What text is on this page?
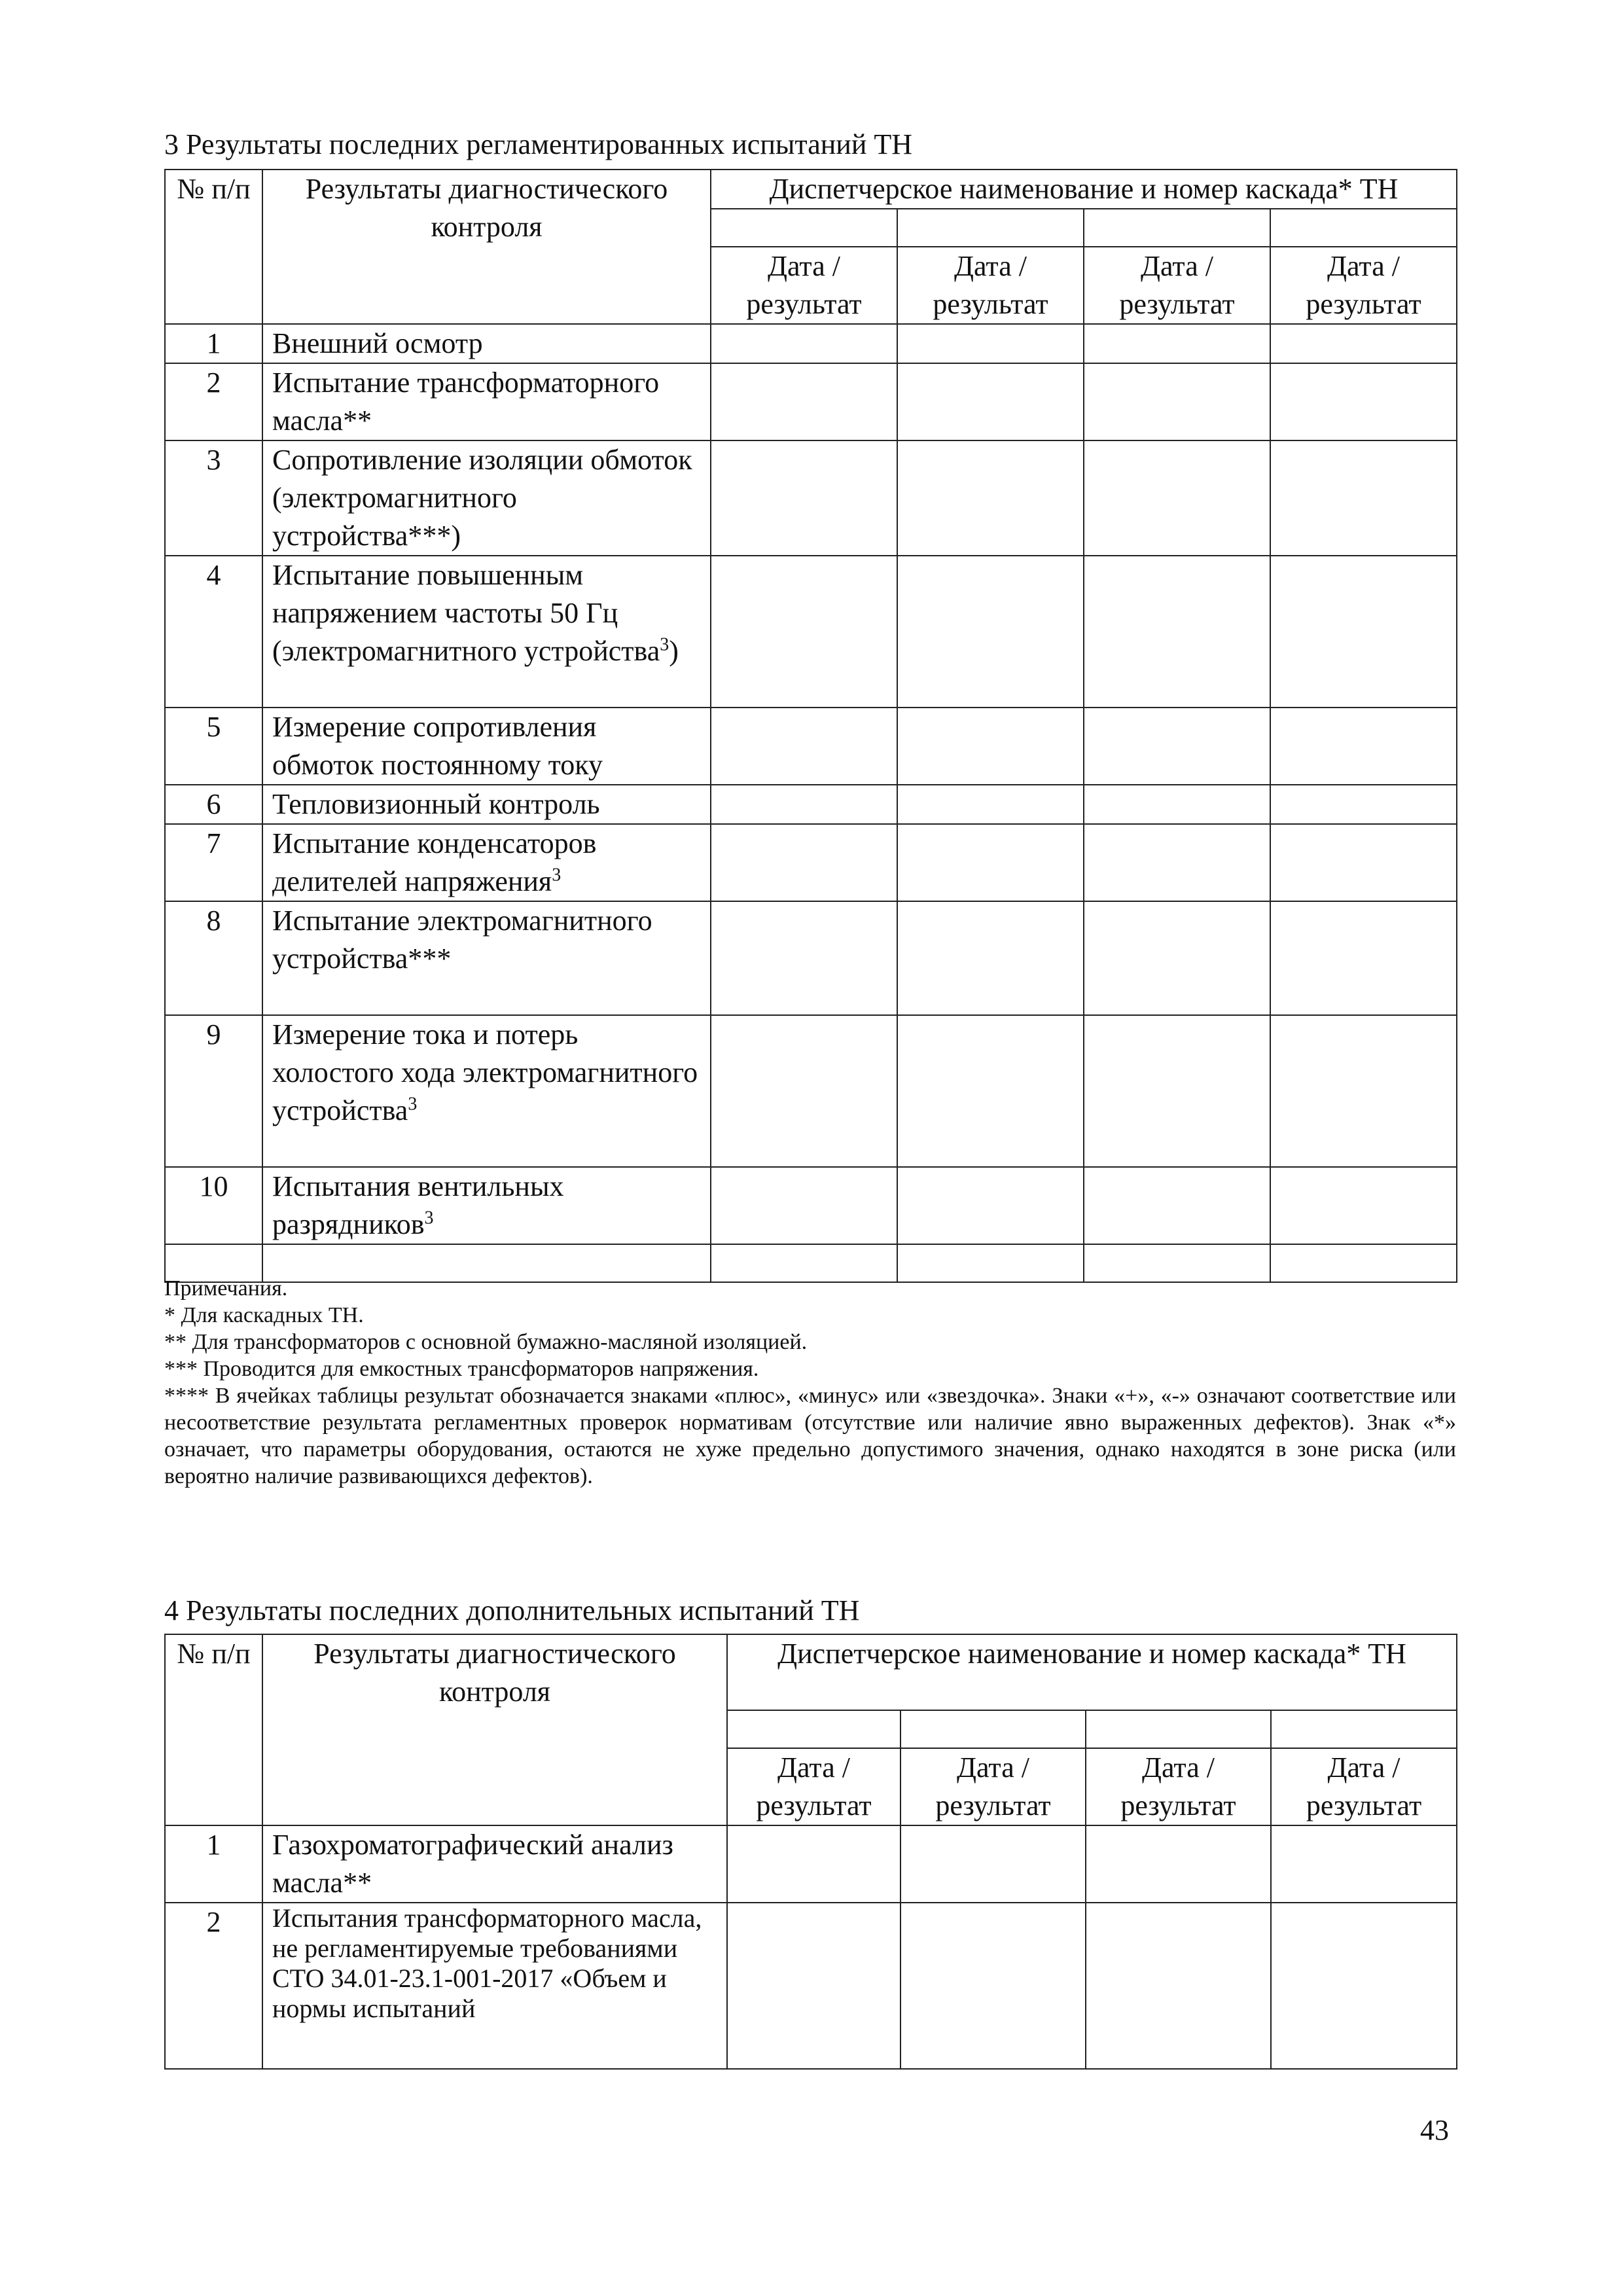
3 Результаты последних регламентированных испытаний ТН
№ п/п	Результаты диагностического контроля	Диспетчерское наименование и номер каскада* ТН			

		Дата / результат	Дата / результат	Дата / результат	Дата / результат
1	Внешний осмотр				
2	Испытание трансформаторного масла**				
3	Сопротивление изоляции обмоток (электромагнитного устройства***)				
4	Испытание повышенным напряжением частоты 50 Гц (электромагнитного устройства$^3$)				
5	Измерение сопротивления обмоток постоянному току				
6	Тепловизионный контроль				
7	Испытание конденсаторов делителей напряжения$^3$				
8	Испытание электромагнитного устройства***				
9	Измерение тока и потерь холостого хода электромагнитного устройства$^3$				
10	Испытания вентильных разрядников$^3$				

Примечания.

* Для каскадных ТН.

** Для трансформаторов с основной бумажно-масляной изоляцией.

*** Проводится для емкостных трансформаторов напряжения.

**** В ячейках таблицы результат обозначается знаками «плюс», «минус» или «звездочка». Знаки «+», «-» означают соответствие или несоответствие результата регламентных проверок нормативам (отсутствие или наличие явно выраженных дефектов). Знак «*» означает, что параметры оборудования, остаются не хуже предельно допустимого значения, однако находятся в зоне риска (или вероятно наличие развивающихся дефектов).

4 Результаты последних дополнительных испытаний ТН
№ п/п	Результаты диагностического контроля	Диспетчерское наименование и номер каскада* ТН			

		Дата / результат	Дата / результат	Дата / результат	Дата / результат
1	Газохроматографический анализ масла**				
2	Испытания трансформаторного масла, не регламентируемые требованиями СТО 34.01-23.1-001-2017 «Объем и нормы испытаний				
43
